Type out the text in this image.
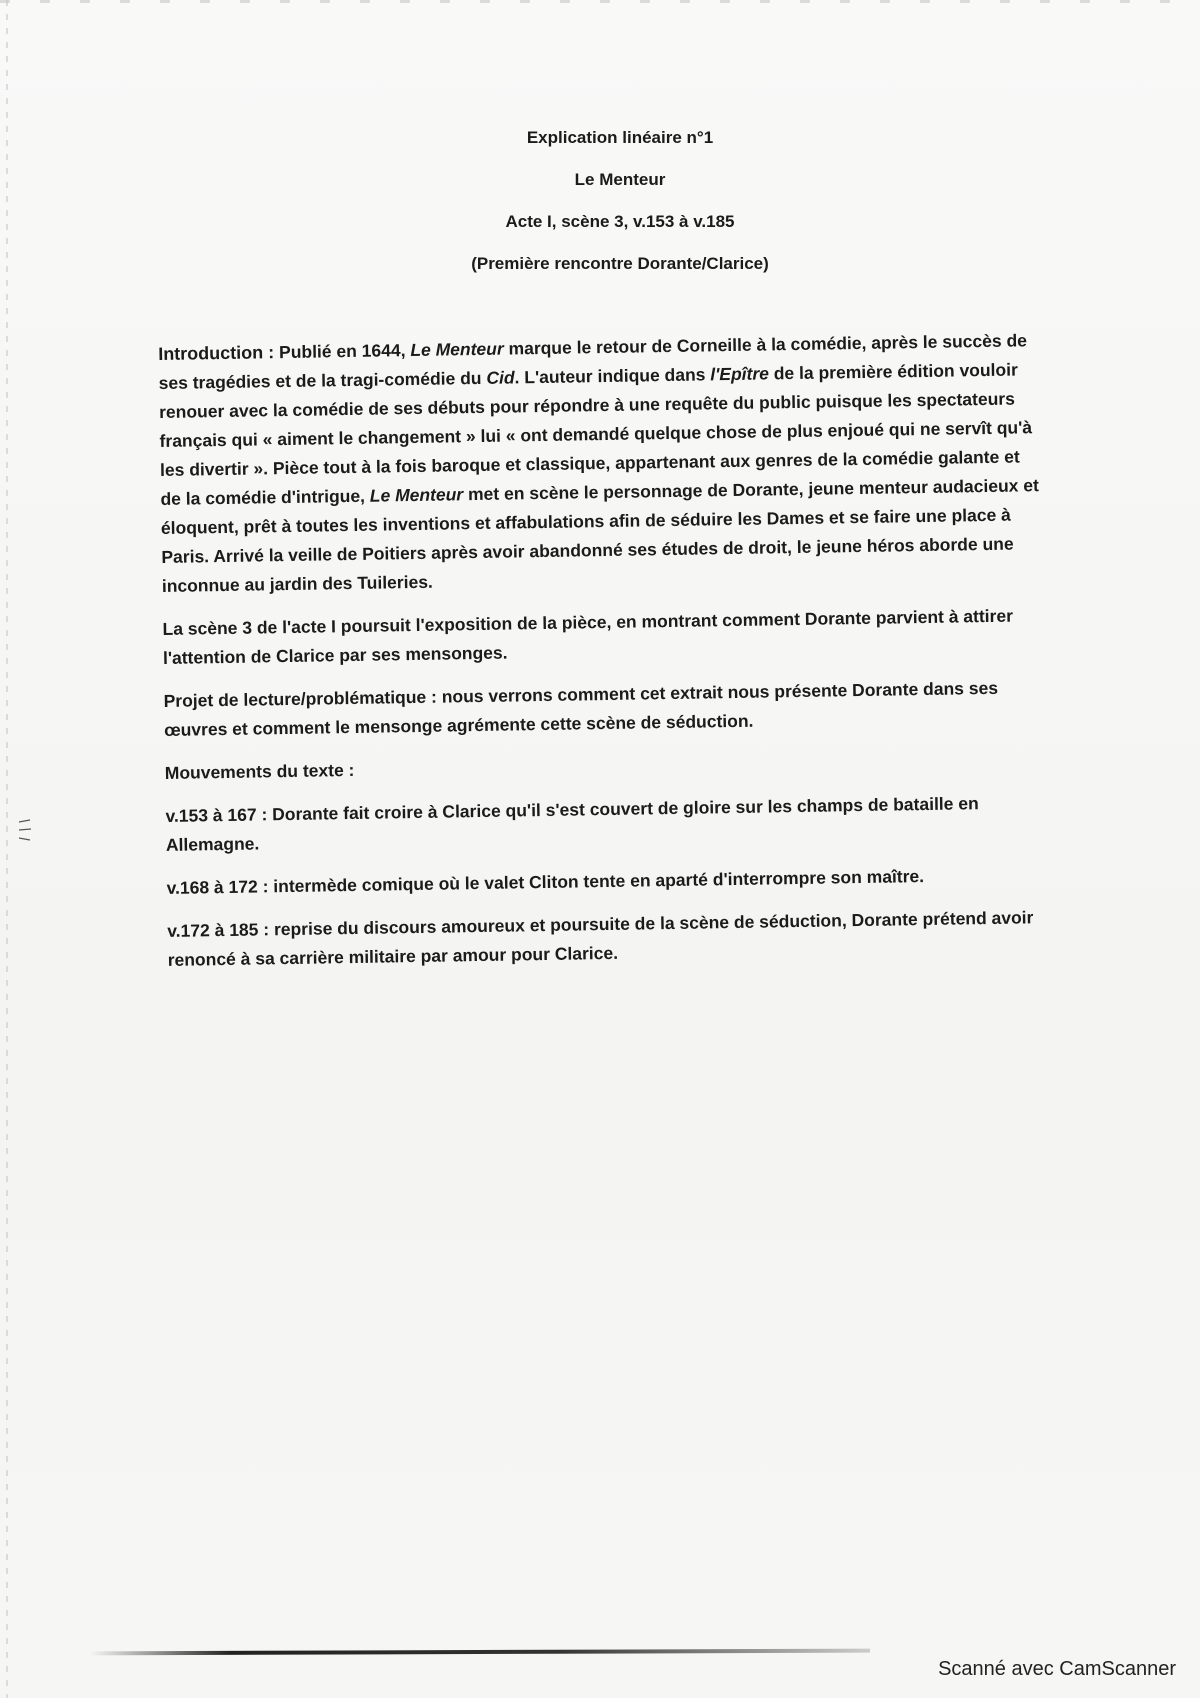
Explication linéaire n°1
Le Menteur
Acte I, scène 3, v.153 à v.185
(Première rencontre Dorante/Clarice)

Introduction : Publié en 1644, Le Menteur marque le retour de Corneille à la comédie, après le succès de ses tragédies et de la tragi-comédie du Cid. L'auteur indique dans l'Epître de la première édition vouloir renouer avec la comédie de ses débuts pour répondre à une requête du public puisque les spectateurs français qui « aiment le changement » lui « ont demandé quelque chose de plus enjoué qui ne servît qu'à les divertir ». Pièce tout à la fois baroque et classique, appartenant aux genres de la comédie galante et de la comédie d'intrigue, Le Menteur met en scène le personnage de Dorante, jeune menteur audacieux et éloquent, prêt à toutes les inventions et affabulations afin de séduire les Dames et se faire une place à Paris. Arrivé la veille de Poitiers après avoir abandonné ses études de droit, le jeune héros aborde une inconnue au jardin des Tuileries.

La scène 3 de l'acte I poursuit l'exposition de la pièce, en montrant comment Dorante parvient à attirer l'attention de Clarice par ses mensonges.

Projet de lecture/problématique : nous verrons comment cet extrait nous présente Dorante dans ses œuvres et comment le mensonge agrémente cette scène de séduction.

Mouvements du texte :

v.153 à 167 : Dorante fait croire à Clarice qu'il s'est couvert de gloire sur les champs de bataille en Allemagne.

v.168 à 172 : intermède comique où le valet Cliton tente en aparté d'interrompre son maître.

v.172 à 185 : reprise du discours amoureux et poursuite de la scène de séduction, Dorante prétend avoir renoncé à sa carrière militaire par amour pour Clarice.

Scanné avec CamScanner
